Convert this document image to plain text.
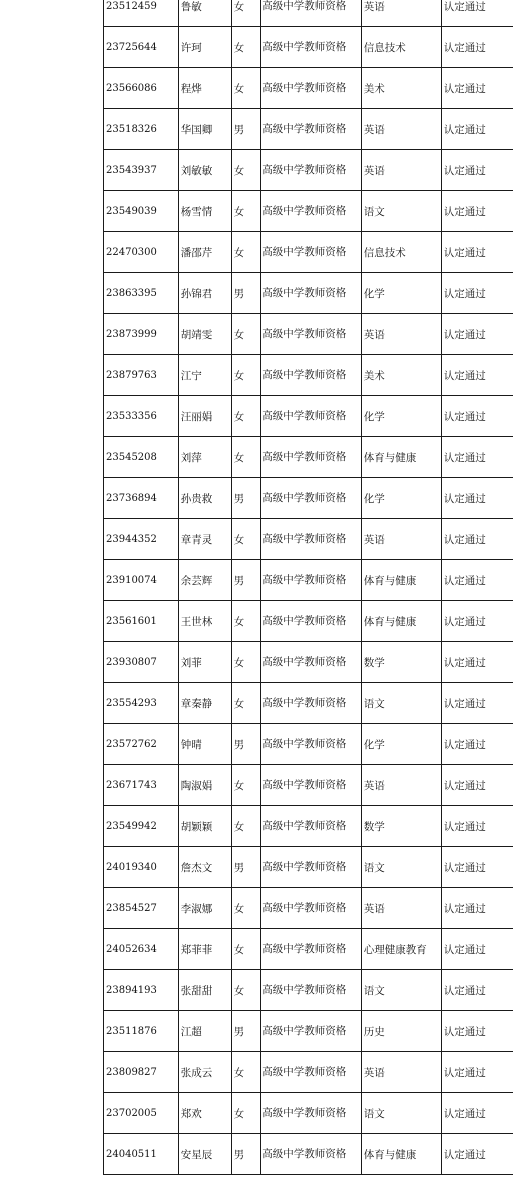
23512459	鲁敏	女	高级中学教师资格	英语	认定通过
23725644	许珂	女	高级中学教师资格	信息技术	认定通过
23566086	程烨	女	高级中学教师资格	美术	认定通过
23518326	华国卿	男	高级中学教师资格	英语	认定通过
23543937	刘敏敏	女	高级中学教师资格	英语	认定通过
23549039	杨雪情	女	高级中学教师资格	语文	认定通过
22470300	潘邵芹	女	高级中学教师资格	信息技术	认定通过
23863395	孙锦君	男	高级中学教师资格	化学	认定通过
23873999	胡靖雯	女	高级中学教师资格	英语	认定通过
23879763	江宁	女	高级中学教师资格	美术	认定通过
23533356	汪丽娟	女	高级中学教师资格	化学	认定通过
23545208	刘萍	女	高级中学教师资格	体育与健康	认定通过
23736894	孙贵救	男	高级中学教师资格	化学	认定通过
23944352	章青灵	女	高级中学教师资格	英语	认定通过
23910074	余芸辉	男	高级中学教师资格	体育与健康	认定通过
23561601	王世林	女	高级中学教师资格	体育与健康	认定通过
23930807	刘菲	女	高级中学教师资格	数学	认定通过
23554293	章秦静	女	高级中学教师资格	语文	认定通过
23572762	钟晴	男	高级中学教师资格	化学	认定通过
23671743	陶淑娟	女	高级中学教师资格	英语	认定通过
23549942	胡颖颖	女	高级中学教师资格	数学	认定通过
24019340	詹杰文	男	高级中学教师资格	语文	认定通过
23854527	李淑娜	女	高级中学教师资格	英语	认定通过
24052634	郑菲菲	女	高级中学教师资格	心理健康教育	认定通过
23894193	张甜甜	女	高级中学教师资格	语文	认定通过
23511876	江超	男	高级中学教师资格	历史	认定通过
23809827	张成云	女	高级中学教师资格	英语	认定通过
23702005	郑欢	女	高级中学教师资格	语文	认定通过
24040511	安星辰	男	高级中学教师资格	体育与健康	认定通过
